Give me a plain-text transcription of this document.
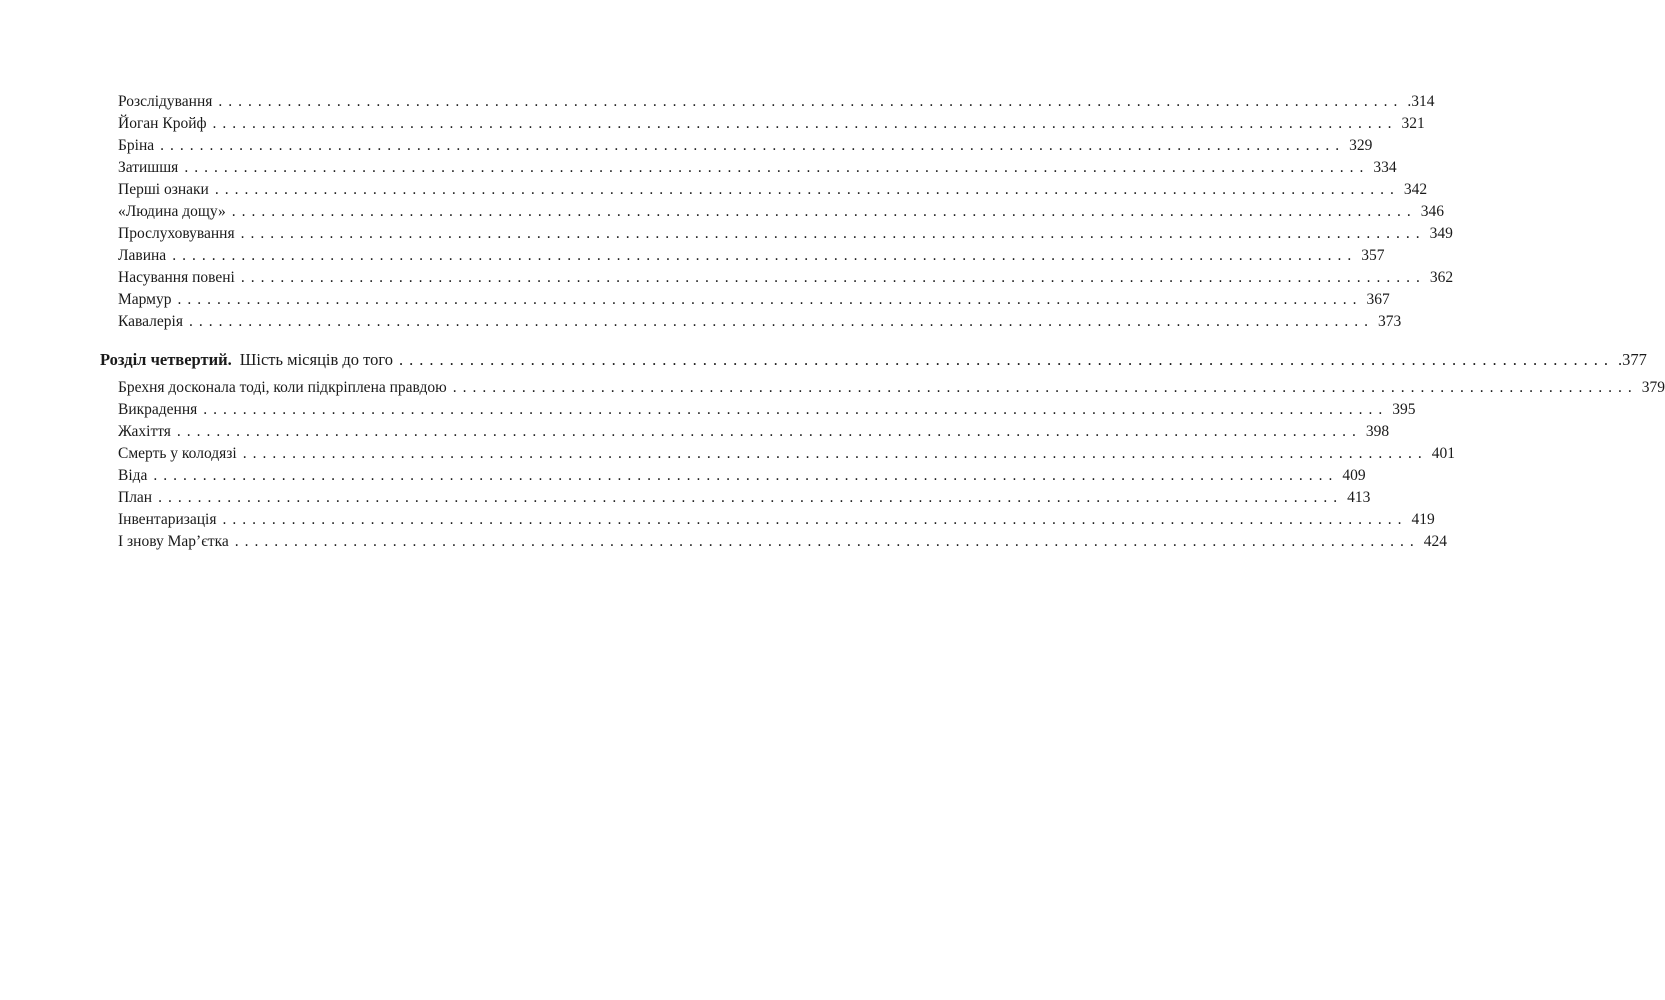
Розслідування ........................................................................................................................ .314
Йоган Кройф ........................................................................................................................ 321
Бріна ........................................................................................................................ 329
Затишшя ........................................................................................................................ 334
Перші ознаки ........................................................................................................................ 342
«Людина дощу» ........................................................................................................................ 346
Прослуховування ........................................................................................................................ 349
Лавина ........................................................................................................................ 357
Насування повені ........................................................................................................................ 362
Мармур ........................................................................................................................ 367
Кавалерія ........................................................................................................................ 373
Розділ четвертий. Шість місяців до того ........................................................................................................................ .377
Брехня досконала тоді, коли підкріплена правдою ........................................................................................................................ 379
Викрадення ........................................................................................................................ 395
Жахіття ........................................................................................................................ 398
Смерть у колодязі ........................................................................................................................ 401
Віда ........................................................................................................................ 409
План ........................................................................................................................ 413
Інвентаризація ........................................................................................................................ 419
І знову Мар’єтка ........................................................................................................................ 424
